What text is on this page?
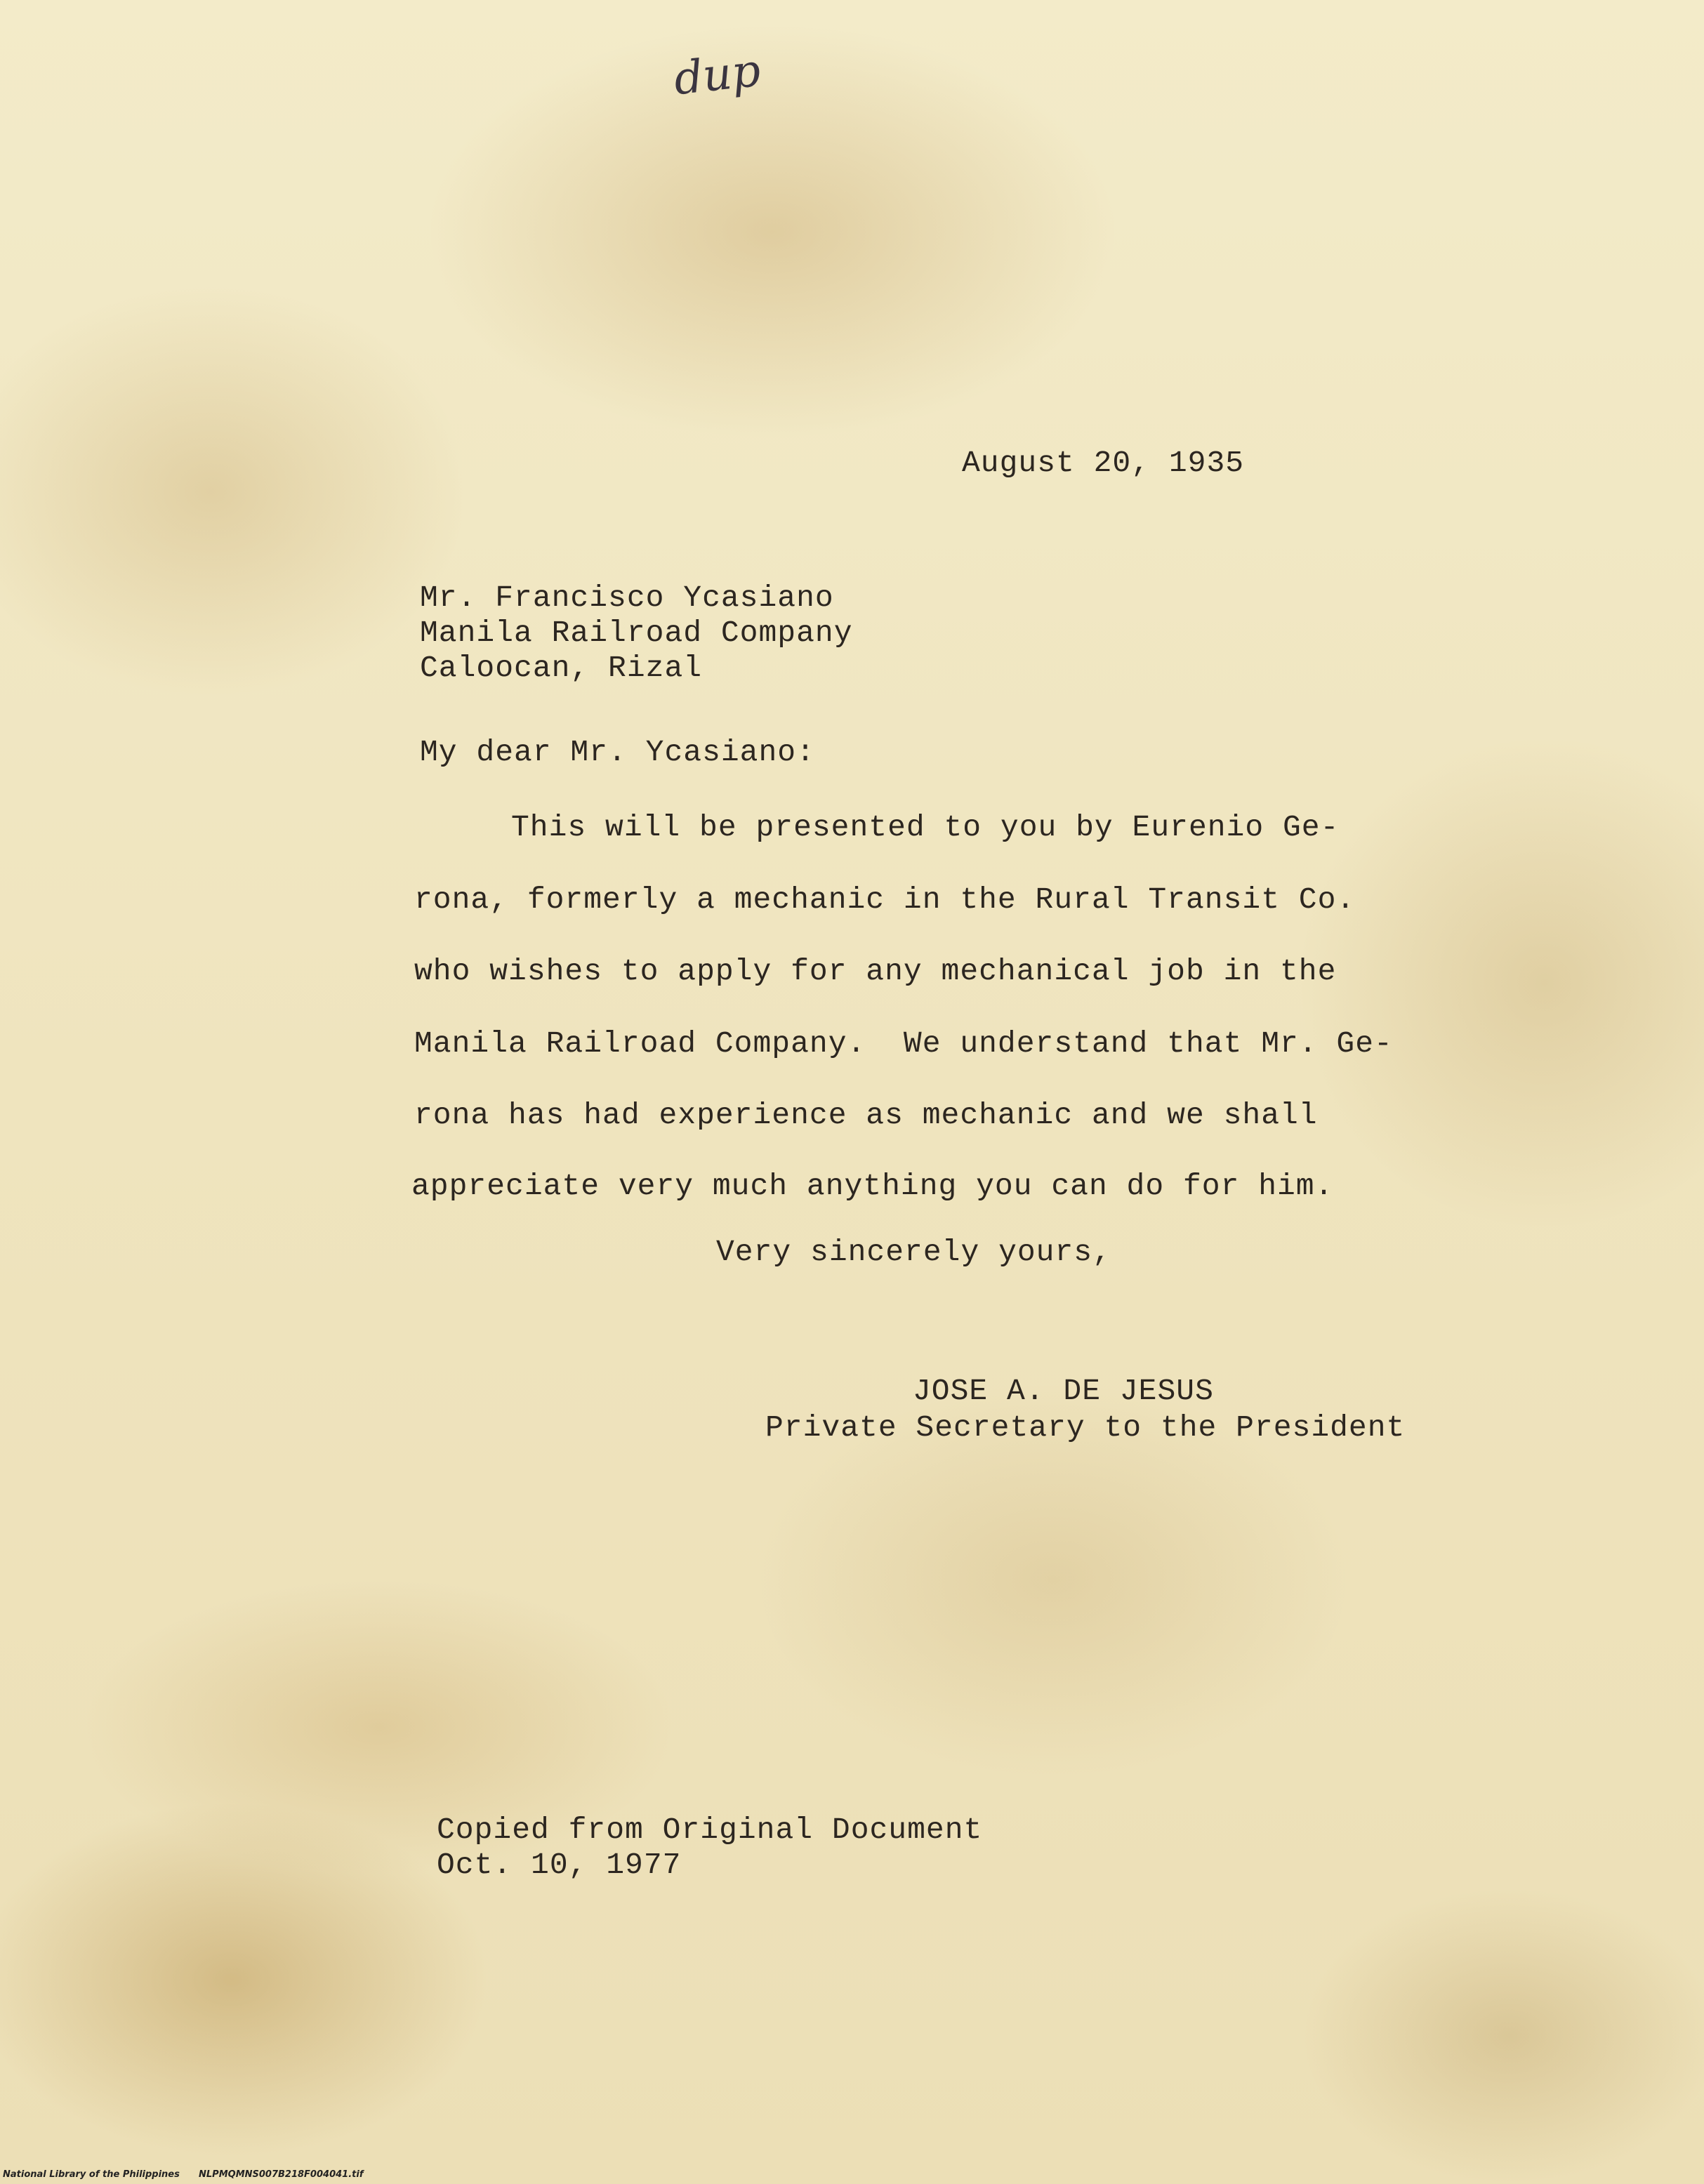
dup
August 20, 1935
Mr. Francisco Ycasiano
Manila Railroad Company
Caloocan, Rizal
My dear Mr. Ycasiano:
This will be presented to you by Eurenio Ge-
rona, formerly a mechanic in the Rural Transit Co.
who wishes to apply for any mechanical job in the
Manila Railroad Company.  We understand that Mr. Ge-
rona has had experience as mechanic and we shall
appreciate very much anything you can do for him.
Very sincerely yours,
JOSE A. DE JESUS
Private Secretary to the President
Copied from Original Document
Oct. 10, 1977
National Library of the Philippines NLPMQMNS007B218F004041.tif
